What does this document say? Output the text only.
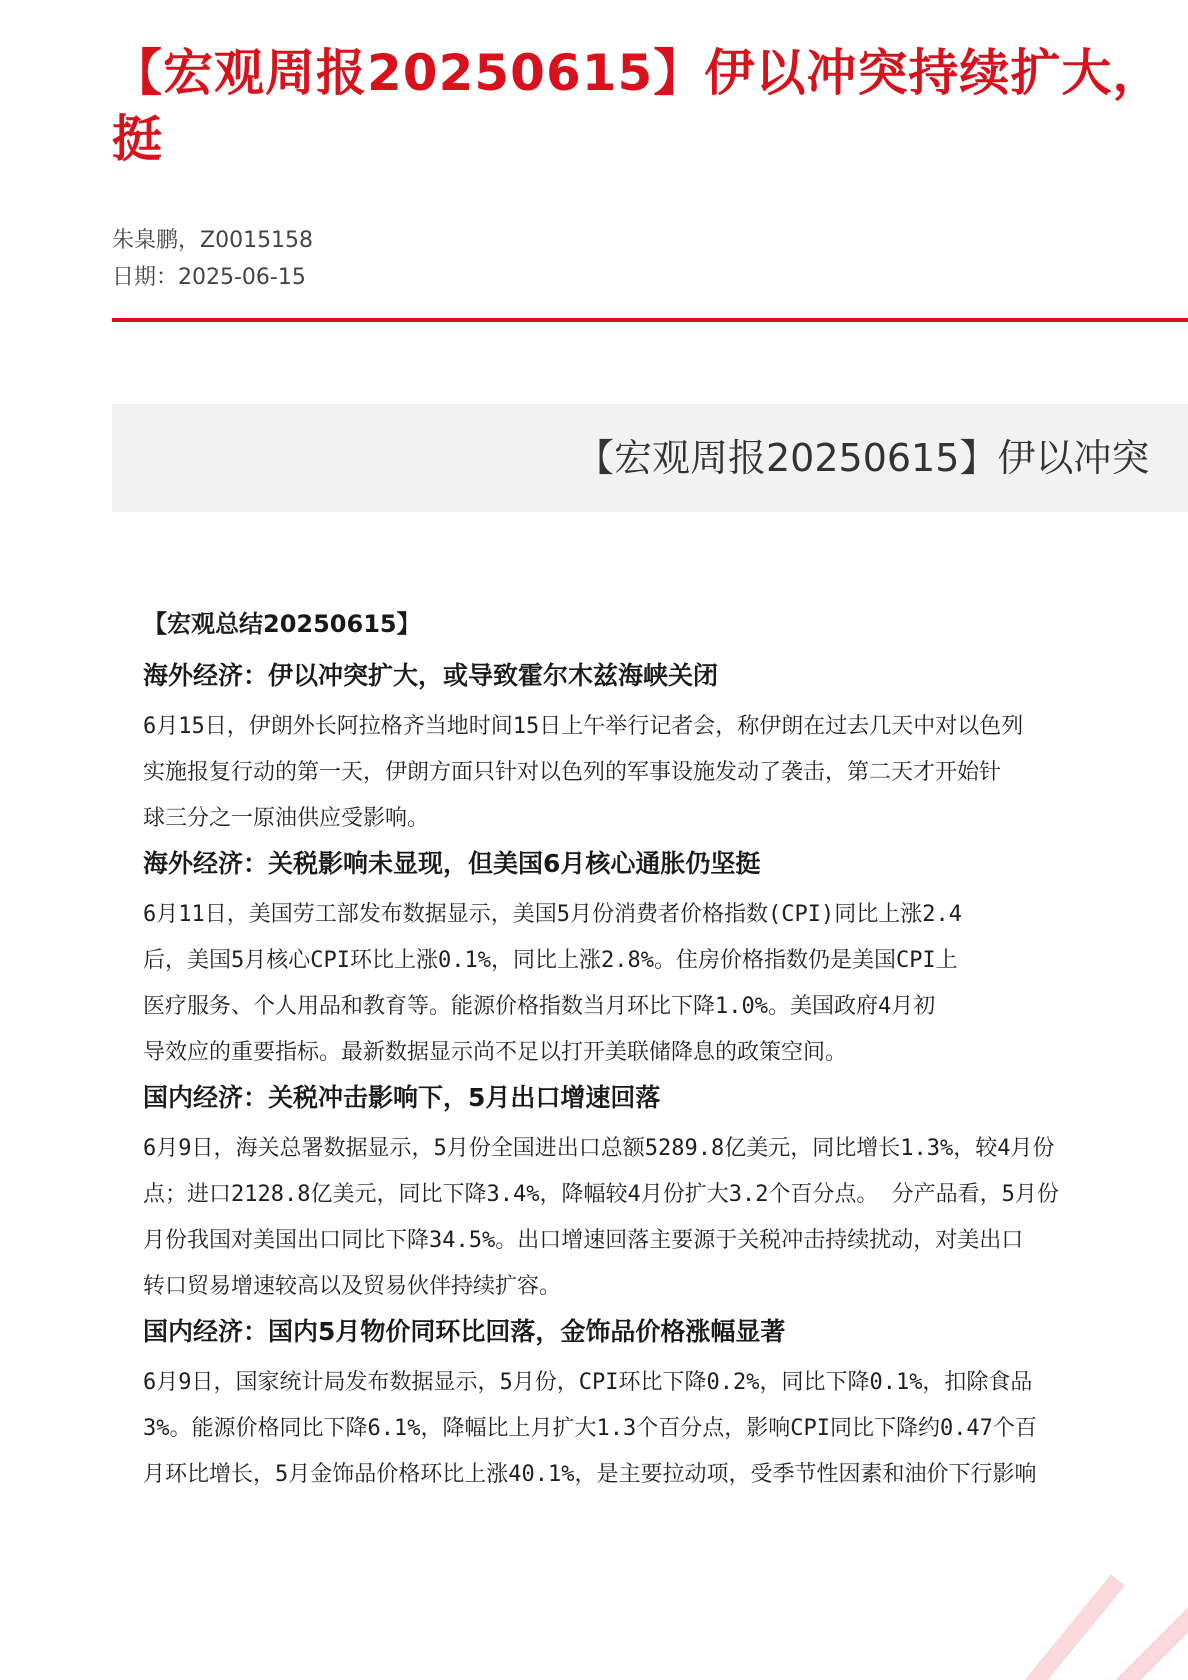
【宏观周报20250615】伊以冲突持续扩大，
挺
朱臬鹏，Z0015158
日期：2025-06-15
【宏观周报20250615】伊以冲突
【宏观总结20250615】
海外经济：伊以冲突扩大，或导致霍尔木兹海峡关闭
6月15日，伊朗外长阿拉格齐当地时间15日上午举行记者会，称伊朗在过去几天中对以色列
实施报复行动的第一天，伊朗方面只针对以色列的军事设施发动了袭击，第二天才开始针
球三分之一原油供应受影响。
海外经济：关税影响未显现，但美国6月核心通胀仍坚挺
6月11日，美国劳工部发布数据显示，美国5月份消费者价格指数(CPI)同比上涨2.4
后，美国5月核心CPI环比上涨0.1%，同比上涨2.8%。住房价格指数仍是美国CPI上
医疗服务、个人用品和教育等。能源价格指数当月环比下降1.0%。美国政府4月初
导效应的重要指标。最新数据显示尚不足以打开美联储降息的政策空间。
国内经济：关税冲击影响下，5月出口增速回落
6月9日，海关总署数据显示，5月份全国进出口总额5289.8亿美元，同比增长1.3%，较4月份
点；进口2128.8亿美元，同比下降3.4%，降幅较4月份扩大3.2个百分点。 分产品看，5月份
月份我国对美国出口同比下降34.5%。出口增速回落主要源于关税冲击持续扰动，对美出口
转口贸易增速较高以及贸易伙伴持续扩容。
国内经济：国内5月物价同环比回落，金饰品价格涨幅显著
6月9日，国家统计局发布数据显示，5月份，CPI环比下降0.2%，同比下降0.1%，扣除食品
3%。能源价格同比下降6.1%，降幅比上月扩大1.3个百分点，影响CPI同比下降约0.47个百
月环比增长，5月金饰品价格环比上涨40.1%，是主要拉动项，受季节性因素和油价下行影响
